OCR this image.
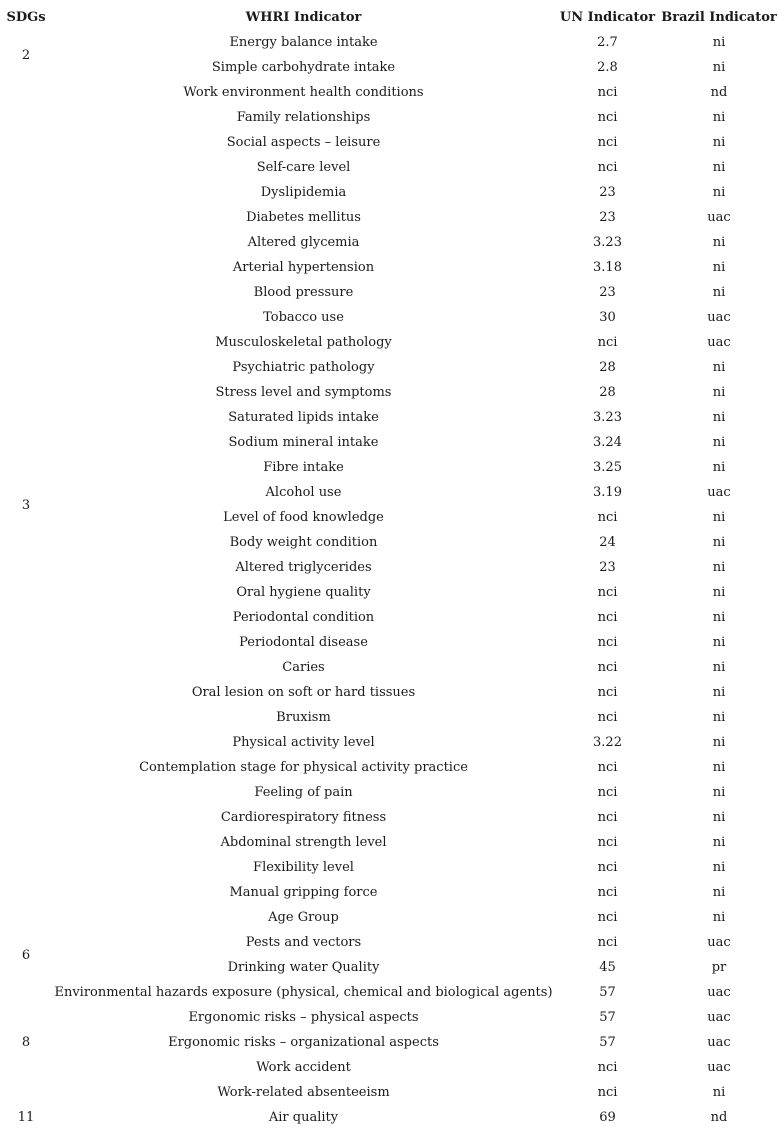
SDGs	WHRI Indicator	UN Indicator	Brazil Indicator
2	Energy balance intake	2.7	ni
	Simple carbohydrate intake	2.8	ni
3	Work environment health conditions	nci	nd
	Family relationships	nci	ni
	Social aspects – leisure	nci	ni
	Self-care level	nci	ni
	Dyslipidemia	23	ni
	Diabetes mellitus	23	uac
	Altered glycemia	3.23	ni
	Arterial hypertension	3.18	ni
	Blood pressure	23	ni
	Tobacco use	30	uac
	Musculoskeletal pathology	nci	uac
	Psychiatric pathology	28	ni
	Stress level and symptoms	28	ni
	Saturated lipids intake	3.23	ni
	Sodium mineral intake	3.24	ni
	Fibre intake	3.25	ni
	Alcohol use	3.19	uac
	Level of food knowledge	nci	ni
	Body weight condition	24	ni
	Altered triglycerides	23	ni
	Oral hygiene quality	nci	ni
	Periodontal condition	nci	ni
	Periodontal disease	nci	ni
	Caries	nci	ni
	Oral lesion on soft or hard tissues	nci	ni
	Bruxism	nci	ni
	Physical activity level	3.22	ni
	Contemplation stage for physical activity practice	nci	ni
	Feeling of pain	nci	ni
	Cardiorespiratory fitness	nci	ni
	Abdominal strength level	nci	ni
	Flexibility level	nci	ni
	Manual gripping force	nci	ni
	Age Group	nci	ni
6	Pests and vectors	nci	uac
	Drinking water Quality	45	pr
8	Environmental hazards exposure (physical, chemical and biological agents)	57	uac
	Ergonomic risks – physical aspects	57	uac
	Ergonomic risks – organizational aspects	57	uac
	Work accident	nci	uac
	Work-related absenteeism	nci	ni
11	Air quality	69	nd
